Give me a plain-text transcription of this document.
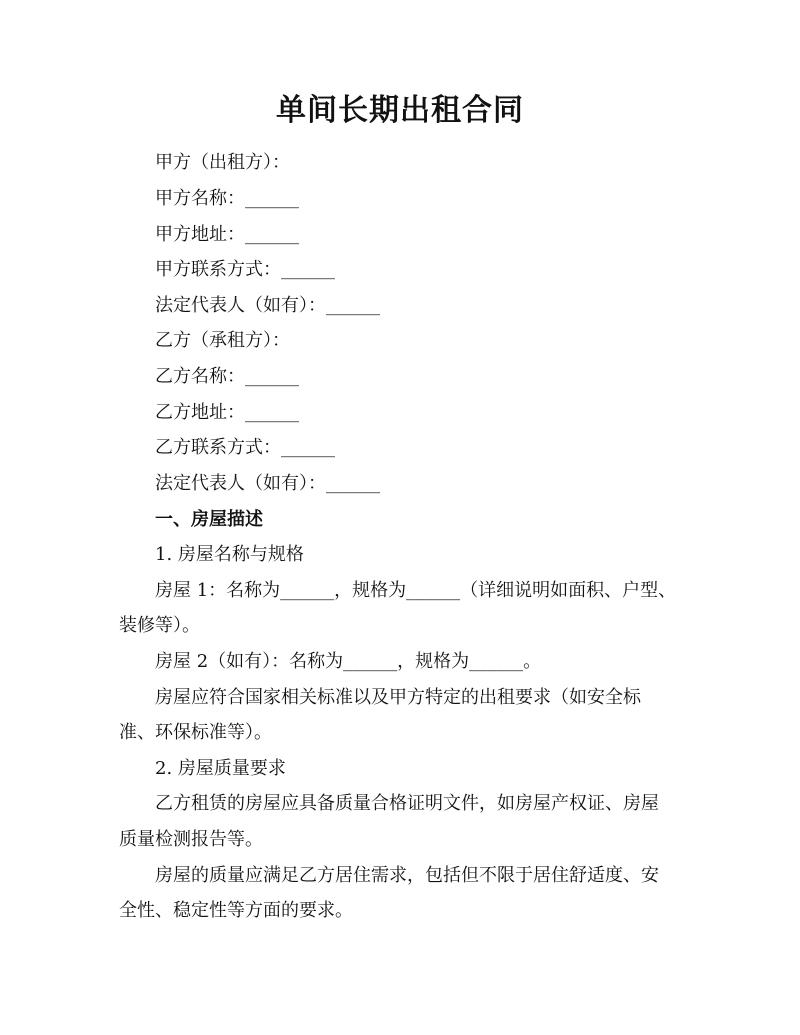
单间长期出租合同
甲方（出租方）：
甲方名称：______
甲方地址：______
甲方联系方式：______
法定代表人（如有）：______
乙方（承租方）：
乙方名称：______
乙方地址：______
乙方联系方式：______
法定代表人（如有）：______
一、房屋描述
1. 房屋名称与规格
房屋 1：名称为______，规格为______（详细说明如面积、户型、
装修等）。
房屋 2（如有）：名称为______，规格为______。
房屋应符合国家相关标准以及甲方特定的出租要求（如安全标
准、环保标准等）。
2. 房屋质量要求
乙方租赁的房屋应具备质量合格证明文件，如房屋产权证、房屋
质量检测报告等。
房屋的质量应满足乙方居住需求，包括但不限于居住舒适度、安
全性、稳定性等方面的要求。
